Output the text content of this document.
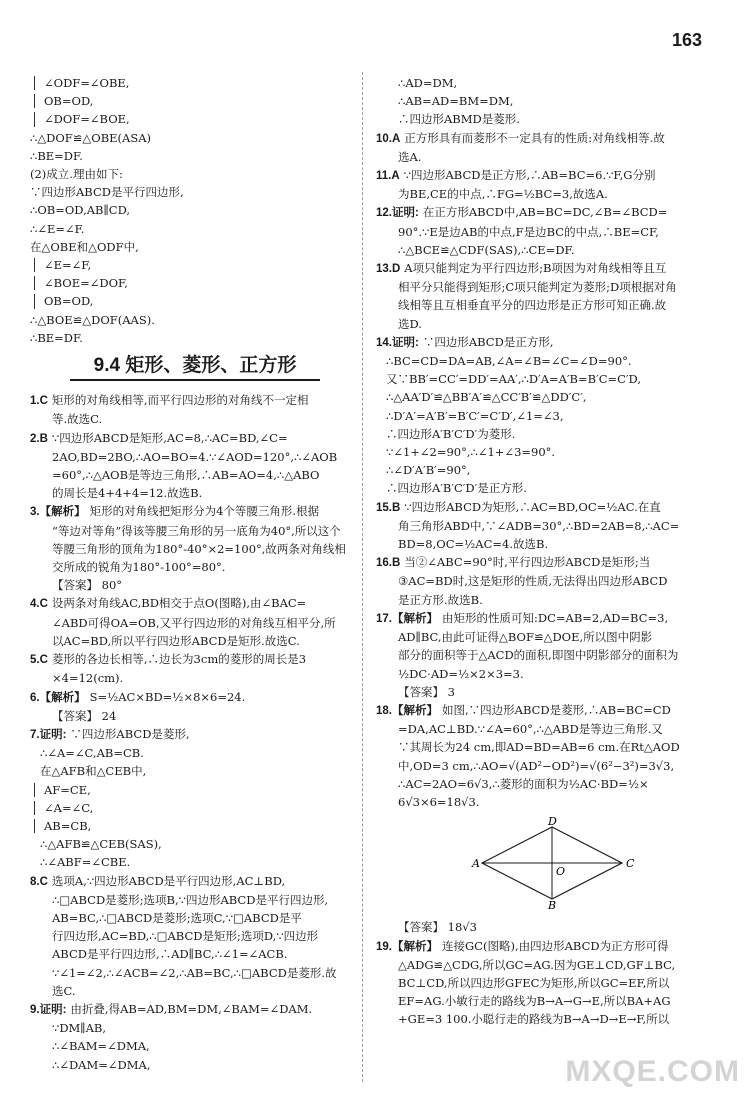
163
∠ODF=∠OBE,
OB=OD,
∠DOF=∠BOE,
∴△DOF≌△OBE(ASA)
∴BE=DF.
(2)成立.理由如下:
∵四边形ABCD是平行四边形,
∴OB=OD,AB∥CD,
∴∠E=∠F.
在△OBE和△ODF中,
∠E=∠F,
∠BOE=∠DOF,
OB=OD,
∴△BOE≌△DOF(AAS).
∴BE=DF.
9.4 矩形、菱形、正方形
1.C 矩形的对角线相等,而平行四边形的对角线不一定相
等.故选C.
2.B ∵四边形ABCD是矩形,AC=8,∴AC=BD,∠C=
2AO,BD=2BO,∴AO=BO=4.∵∠AOD=120°,∴∠AOB
=60°,∴△AOB是等边三角形,∴AB=AO=4,∴△ABO
的周长是4+4+4=12.故选B.
3.【解析】 矩形的对角线把矩形分为4个等腰三角形.根据
“等边对等角”得该等腰三角形的另一底角为40°,所以这个
等腰三角形的顶角为180°-40°×2=100°,故两条对角线相
交所成的锐角为180°-100°=80°.
【答案】 80°
4.C 设两条对角线AC,BD相交于点O(图略),由∠BAC=
∠ABD可得OA=OB,又平行四边形的对角线互相平分,所
以AC=BD,所以平行四边形ABCD是矩形.故选C.
5.C 菱形的各边长相等,∴边长为3cm的菱形的周长是3
×4=12(cm).
6.【解析】 S=½AC×BD=½×8×6=24.
【答案】 24
7.证明: ∵四边形ABCD是菱形,
∴∠A=∠C,AB=CB.
在△AFB和△CEB中,
AF=CE,
∠A=∠C,
AB=CB,
∴△AFB≌△CEB(SAS),
∴∠ABF=∠CBE.
8.C 选项A,∵四边形ABCD是平行四边形,AC⊥BD,
∴□ABCD是菱形;选项B,∵四边形ABCD是平行四边形,
AB=BC,∴□ABCD是菱形;选项C,∵□ABCD是平
行四边形,AC=BD,∴□ABCD是矩形;选项D,∵四边形
ABCD是平行四边形,∴AD∥BC,∴∠1=∠ACB.
∵∠1=∠2,∴∠ACB=∠2,∴AB=BC,∴□ABCD是菱形.故
选C.
9.证明: 由折叠,得AB=AD,BM=DM,∠BAM=∠DAM.
∵DM∥AB,
∴∠BAM=∠DMA,
∴∠DAM=∠DMA,
∴AD=DM,
∴AB=AD=BM=DM,
∴四边形ABMD是菱形.
10.A 正方形具有而菱形不一定具有的性质:对角线相等.故
选A.
11.A ∵四边形ABCD是正方形,∴AB=BC=6.∵F,G分别
为BE,CE的中点,∴FG=½BC=3,故选A.
12.证明: 在正方形ABCD中,AB=BC=DC,∠B=∠BCD=
90°.∵E是边AB的中点,F是边BC的中点,∴BE=CF,
∴△BCE≌△CDF(SAS),∴CE=DF.
13.D A项只能判定为平行四边形;B项因为对角线相等且互
相平分只能得到矩形;C项只能判定为菱形;D项根据对角
线相等且互相垂直平分的四边形是正方形可知正确.故
选D.
14.证明: ∵四边形ABCD是正方形,
∴BC=CD=DA=AB,∠A=∠B=∠C=∠D=90°.
又∵BB′=CC′=DD′=AA′,∴D′A=A′B=B′C=C′D,
∴△AA′D′≌△BB′A′≌△CC′B′≌△DD′C′,
∴D′A′=A′B′=B′C′=C′D′,∠1=∠3,
∴四边形A′B′C′D′为菱形.
∵∠1+∠2=90°,∴∠1+∠3=90°.
∴∠D′A′B′=90°,
∴四边形A′B′C′D′是正方形.
15.B ∵四边形ABCD为矩形,∴AC=BD,OC=½AC.在直
角三角形ABD中,∵∠ADB=30°,∴BD=2AB=8,∴AC=
BD=8,OC=½AC=4.故选B.
16.B 当②∠ABC=90°时,平行四边形ABCD是矩形;当
③AC=BD时,这是矩形的性质,无法得出四边形ABCD
是正方形.故选B.
17.【解析】 由矩形的性质可知:DC=AB=2,AD=BC=3,
AD∥BC,由此可证得△BOF≌△DOE,所以图中阴影
部分的面积等于△ACD的面积,即图中阴影部分的面积为
½DC·AD=½×2×3=3.
【答案】 3
18.【解析】 如图,∵四边形ABCD是菱形,∴AB=BC=CD
=DA,AC⊥BD.∵∠A=60°,∴△ABD是等边三角形.又
∵其周长为24 cm,即AD=BD=AB=6 cm.在Rt△AOD
中,OD=3 cm,∴AO=√(AD²−OD²)=√(6²−3²)=3√3,
∴AC=2AO=6√3,∴菱形的面积为½AC·BD=½×
6√3×6=18√3.
A	C
D
B
O
【答案】 18√3
19.【解析】 连接GC(图略),由四边形ABCD为正方形可得
△ADG≌△CDG,所以GC=AG.因为GE⊥CD,GF⊥BC,
BC⊥CD,所以四边形GFEC为矩形,所以GC=EF,所以
EF=AG.小敏行走的路线为B→A→G→E,所以BA+AG
+GE=3 100.小聪行走的路线为B→A→D→E→F,所以
MXQE.COM
